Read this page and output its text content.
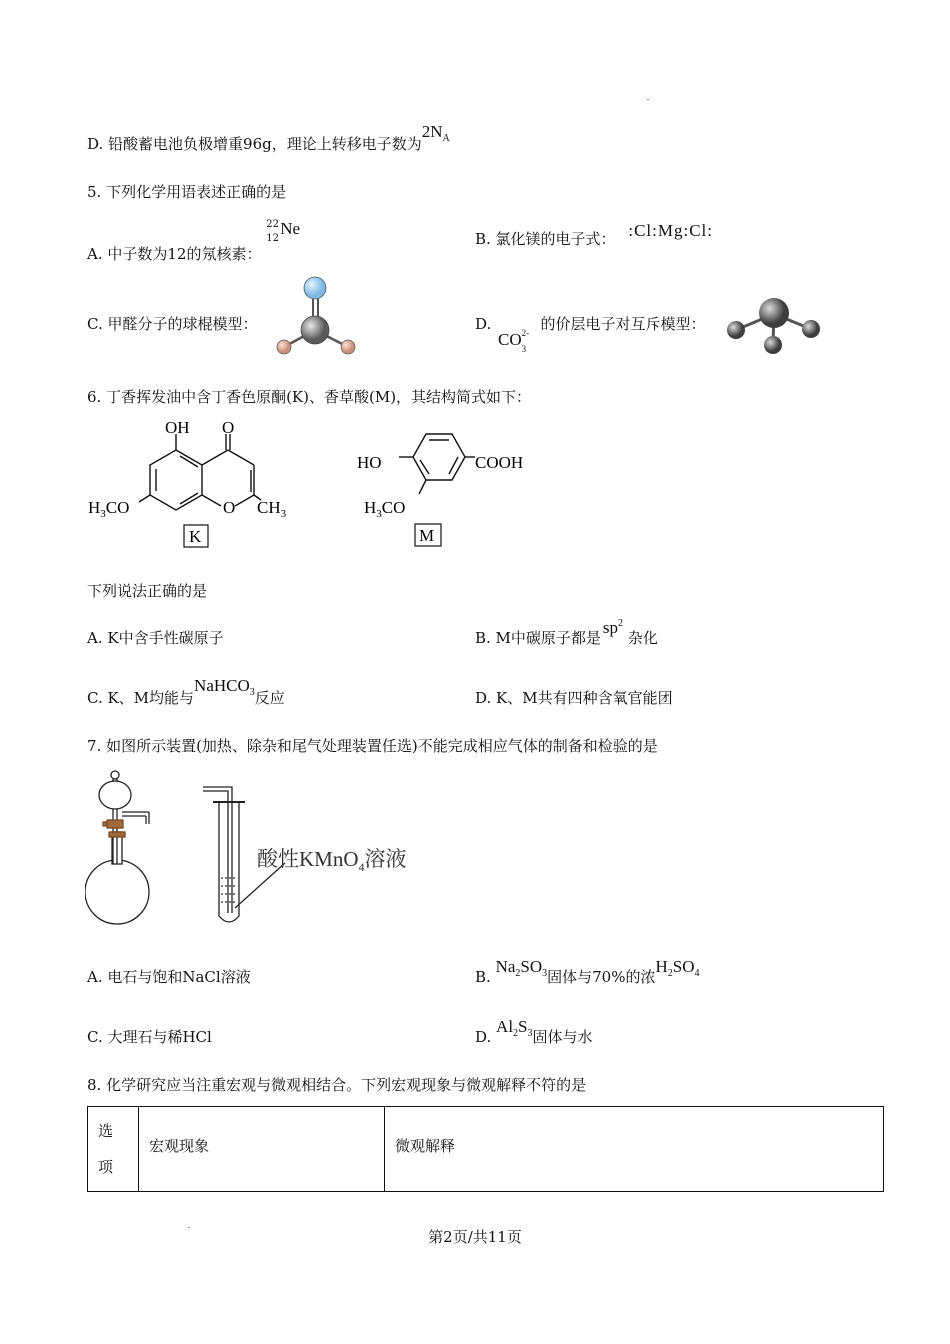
D. 铅酸蓄电池负极增重96g，理论上转移电子数为$2N_A$
5. 下列化学用语表述正确的是
A. 中子数为12的氖核素：
22
12
Ne
B. 氯化镁的电子式： :Cl:Mg:Cl:
C. 甲醛分子的球棍模型：	D. CO 2-
3
的价层电子对互斥模型：
6. 丁香挥发油中含丁香色原酮(K)、香草酸(M)，其结构简式如下：
OH O
O
$H_3CO$	$CH_3$
K
HO	COOH
$H_3CO$
M
下列说法正确的是
A. K中含手性碳原子	B. M中碳原子都是$sp^2$ 杂化
C. K、M均能与NaHCO$_3$反应	D. K、M共有四种含氧官能团
7. 如图所示装置(加热、除杂和尾气处理装置任选)不能完成相应气体的制备和检验的是
酸性KMnO$_4$溶液
A. 电石与饱和NaCl溶液	B. $Na_2SO_3$固体与70%的浓$H_2SO_4$
C. 大理石与稀HCl	D. $Al_2S_3$固体与水
8. 化学研究应当注重宏观与微观相结合。下列宏观现象与微观解释不符的是
选
项
	宏观现象	微观解释
第2页/共11页
